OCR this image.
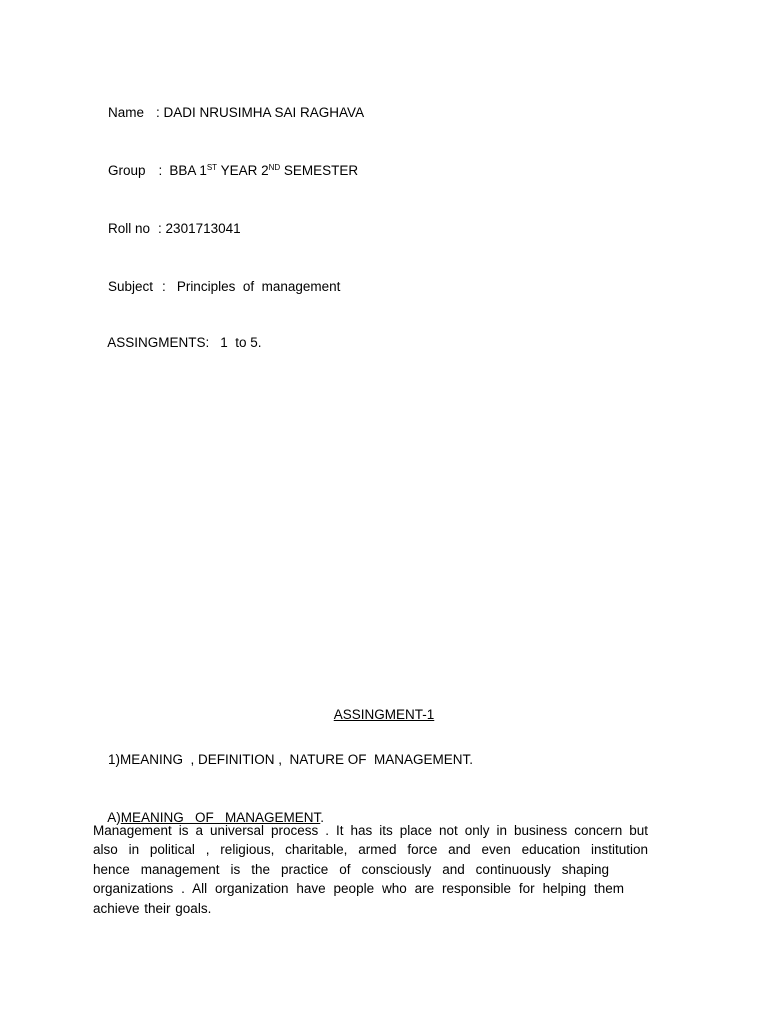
Name : DADI NRUSIMHA SAI RAGHAVA

Group : BBA 1ST YEAR 2ND SEMESTER

Roll no : 2301713041

Subject : Principles  of  management

ASSINGMENTS: 1  to 5.

ASSINGMENT-1

1)MEANING  , DEFINITION ,  NATURE OF  MANAGEMENT.

A)MEANING   OF   MANAGEMENT.

Management is a universal process . It has its place not only in business concern but
also in political , religious, charitable, armed force and even education institution
hence management is the practice of consciously and continuously shaping
organizations . All organization have people who are responsible for helping them
achieve their goals.
